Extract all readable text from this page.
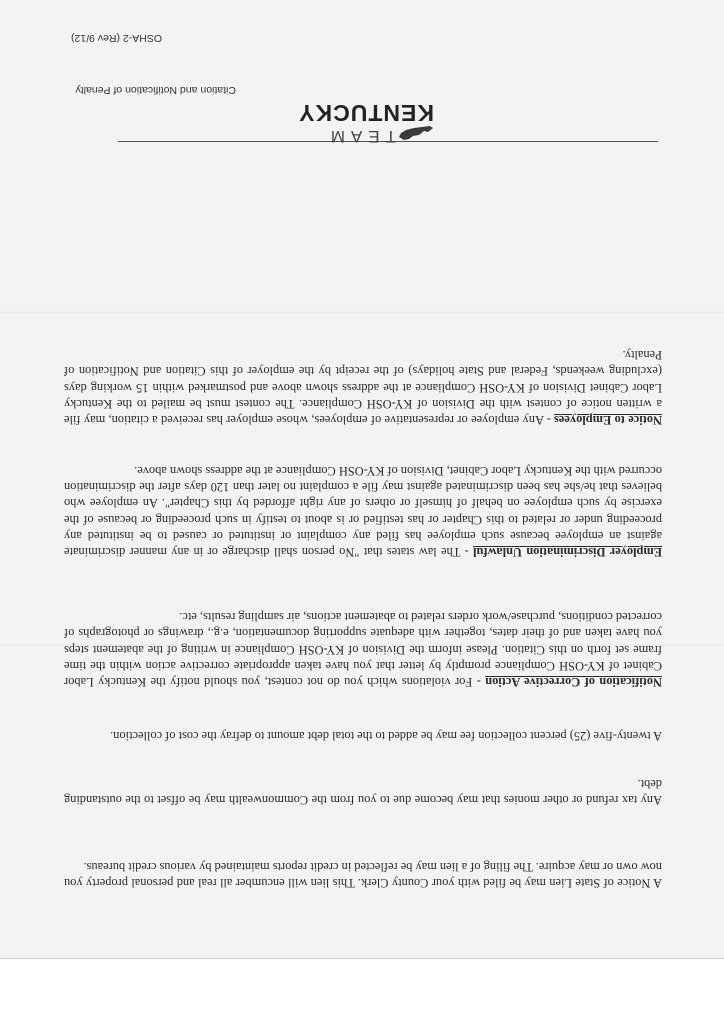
A Notice of State Lien may be filed with your County Clerk. This lien will encumber all real and personal property you now own or may acquire. The filing of a lien may be reflected in credit reports maintained by various credit bureaus.

Any tax refund or other monies that may become due to you from the Commonwealth may be offset to the outstanding debt.

A twenty-five (25) percent collection fee may be added to the total debt amount to defray the cost of collection.

Notification of Corrective Action - For violations which you do not contest, you should notify the Kentucky Labor Cabinet of KY-OSH Compliance promptly by letter that you have taken appropriate corrective action within the time frame set forth on this Citation. Please inform the Division of KY-OSH Compliance in writing of the abatement steps you have taken and of their dates, together with adequate supporting documentation, e.g., drawings or photographs of corrected conditions, purchase/work orders related to abatement actions, air sampling results, etc.

Employer Discrimination Unlawful - The law states that "No person shall discharge or in any manner discriminate against an employee because such employee has filed any complaint or instituted or caused to be instituted any proceeding under or related to this Chapter or has testified or is about to testify in such proceeding or because of the exercise by such employee on behalf of himself or others of any right afforded by this Chapter". An employee who believes that he/she has been discriminated against may file a complaint no later than 120 days after the discrimination occurred with the Kentucky Labor Cabinet, Division of KY-OSH Compliance at the address shown above.

Notice to Employees - Any employee or representative of employees, whose employer has received a citation, may file a written notice of contest with the Division of KY-OSH Compliance. The contest must be mailed to the Kentucky Labor Cabinet Division of KY-OSH Compliance at the address shown above and postmarked within 15 working days (excluding weekends, Federal and State holidays) of the receipt by the employer of this Citation and Notification of Penalty.

TEAM
KENTUCKY
Citation and Notification of Penalty
OSHA-2 (Rev 9/12)
